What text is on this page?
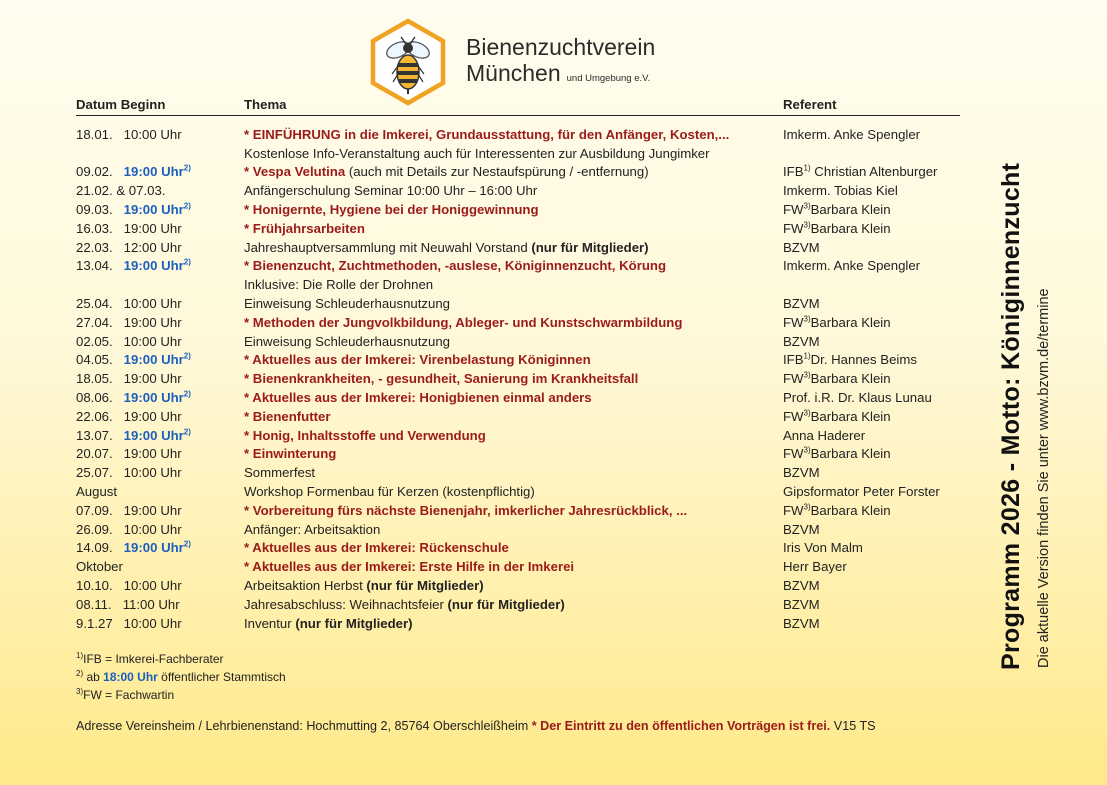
Bienenzuchtverein
München und Umgebung e.V.
Datum Beginn	Thema	Referent

18.01. 10:00 Uhr	* EINFÜHRUNG in die Imkerei, Grundausstattung, für den Anfänger, Kosten,...	Imkerm. Anke Spengler
	Kostenlose Info-Veranstaltung auch für Interessenten zur Ausbildung Jungimker	
09.02. 19:00 Uhr$^{2)}$	* Vespa Velutina (auch mit Details zur Nestaufspürung / -entfernung)	IFB$^{1)}$ Christian Altenburger
21.02. & 07.03.	Anfängerschulung Seminar 10:00 Uhr – 16:00 Uhr	Imkerm. Tobias Kiel
09.03. 19:00 Uhr$^{2)}$	* Honigernte, Hygiene bei der Honiggewinnung	FW$^{3)}$Barbara Klein
16.03. 19:00 Uhr	* Frühjahrsarbeiten	FW$^{3)}$Barbara Klein
22.03. 12:00 Uhr	Jahreshauptversammlung mit Neuwahl Vorstand (nur für Mitglieder)	BZVM
13.04. 19:00 Uhr$^{2)}$	* Bienenzucht, Zuchtmethoden, -auslese, Königinnenzucht, Körung	Imkerm. Anke Spengler
	Inklusive: Die Rolle der Drohnen	
25.04. 10:00 Uhr	Einweisung Schleuderhausnutzung	BZVM
27.04. 19:00 Uhr	* Methoden der Jungvolkbildung, Ableger- und Kunstschwarmbildung	FW$^{3)}$Barbara Klein
02.05. 10:00 Uhr	Einweisung Schleuderhausnutzung	BZVM
04.05. 19:00 Uhr$^{2)}$	* Aktuelles aus der Imkerei: Virenbelastung Königinnen	IFB$^{1)}$Dr. Hannes Beims
18.05. 19:00 Uhr	* Bienenkrankheiten, - gesundheit, Sanierung im Krankheitsfall	FW$^{3)}$Barbara Klein
08.06. 19:00 Uhr$^{2)}$	* Aktuelles aus der Imkerei: Honigbienen einmal anders	Prof. i.R. Dr. Klaus Lunau
22.06. 19:00 Uhr	* Bienenfutter	FW$^{3)}$Barbara Klein
13.07. 19:00 Uhr$^{2)}$	* Honig, Inhaltsstoffe und Verwendung	Anna Haderer
20.07. 19:00 Uhr	* Einwinterung	FW$^{3)}$Barbara Klein
25.07. 10:00 Uhr	Sommerfest	BZVM
August	Workshop Formenbau für Kerzen (kostenpflichtig)	Gipsformator Peter Forster
07.09. 19:00 Uhr	* Vorbereitung fürs nächste Bienenjahr, imkerlicher Jahresrückblick, ...	FW$^{3)}$Barbara Klein
26.09. 10:00 Uhr	Anfänger: Arbeitsaktion	BZVM
14.09. 19:00 Uhr$^{2)}$	* Aktuelles aus der Imkerei: Rückenschule	Iris Von Malm
Oktober	* Aktuelles aus der Imkerei: Erste Hilfe in der Imkerei	Herr Bayer
10.10. 10:00 Uhr	Arbeitsaktion Herbst (nur für Mitglieder)	BZVM
08.11. 11:00 Uhr	Jahresabschluss: Weihnachtsfeier (nur für Mitglieder)	BZVM
9.1.27 10:00 Uhr	Inventur (nur für Mitglieder)	BZVM
$^{1)}$IFB = Imkerei-Fachberater
$^{2)}$ ab 18:00 Uhr öffentlicher Stammtisch
$^{3)}$FW = Fachwartin
Adresse Vereinsheim / Lehrbienenstand: Hochmutting 2, 85764 Oberschleißheim * Der Eintritt zu den öffentlichen Vorträgen ist frei. V15 TS
Programm 2026 - Motto: Königinnenzucht Die aktuelle Version finden Sie unter www.bzvm.de/termine
